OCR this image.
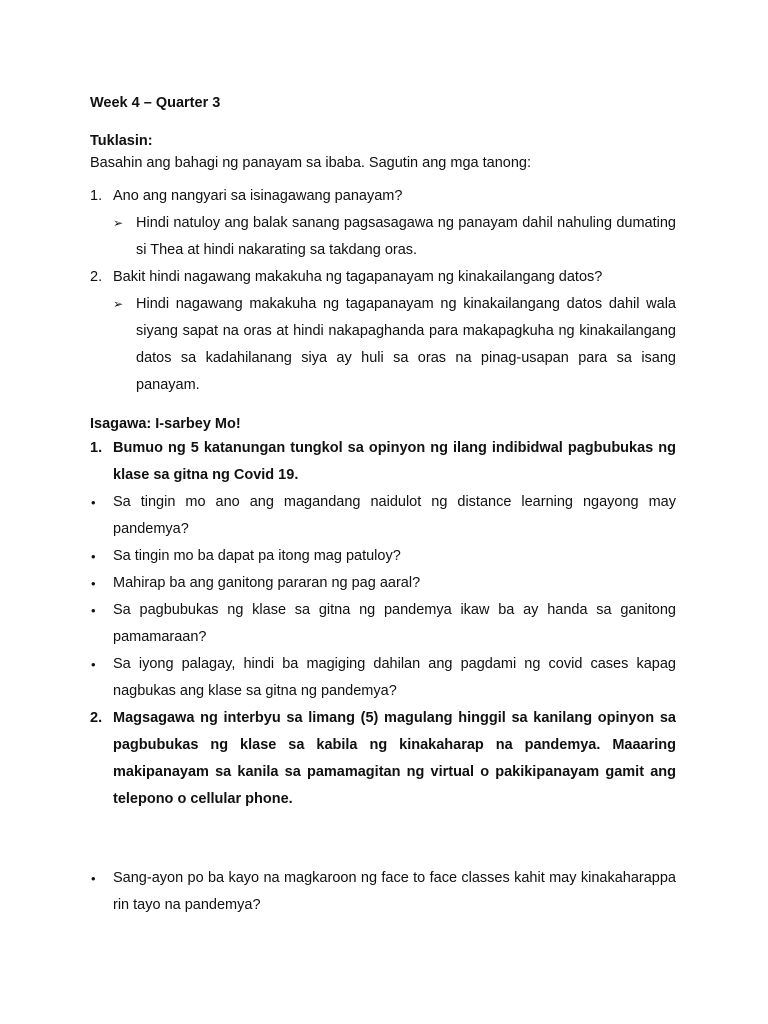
Week 4 – Quarter 3
Tuklasin:
Basahin ang bahagi ng panayam sa ibaba. Sagutin ang mga tanong:
1. Ano ang nangyari sa isinagawang panayam?
➢ Hindi natuloy ang balak sanang pagsasagawa ng panayam dahil nahuling dumating si Thea at hindi nakarating sa takdang oras.
2. Bakit hindi nagawang makakuha ng tagapanayam ng kinakailangang datos?
➢ Hindi nagawang makakuha ng tagapanayam ng kinakailangang datos dahil wala siyang sapat na oras at hindi nakapaghanda para makapagkuha ng kinakailangang datos sa kadahilanang siya ay huli sa oras na pinag-usapan para sa isang panayam.
Isagawa: I-sarbey Mo!
1. Bumuo ng 5 katanungan tungkol sa opinyon ng ilang indibidwal pagbubukas ng klase sa gitna ng Covid 19.
• Sa tingin mo ano ang magandang naidulot ng distance learning ngayong may pandemya?
• Sa tingin mo ba dapat pa itong mag patuloy?
• Mahirap ba ang ganitong pararan ng pag aaral?
• Sa pagbubukas ng klase sa gitna ng pandemya ikaw ba ay handa sa ganitong pamamaraan?
• Sa iyong palagay, hindi ba magiging dahilan ang pagdami ng covid cases kapag nagbukas ang klase sa gitna ng pandemya?
2. Magsagawa ng interbyu sa limang (5) magulang hinggil sa kanilang opinyon sa pagbubukas ng klase sa kabila ng kinakaharap na pandemya. Maaaring makipanayam sa kanila sa pamamagitan ng virtual o pakikipanayam gamit ang telepono o cellular phone.
• Sang-ayon po ba kayo na magkaroon ng face to face classes kahit may kinakaharappa rin tayo na pandemya?
